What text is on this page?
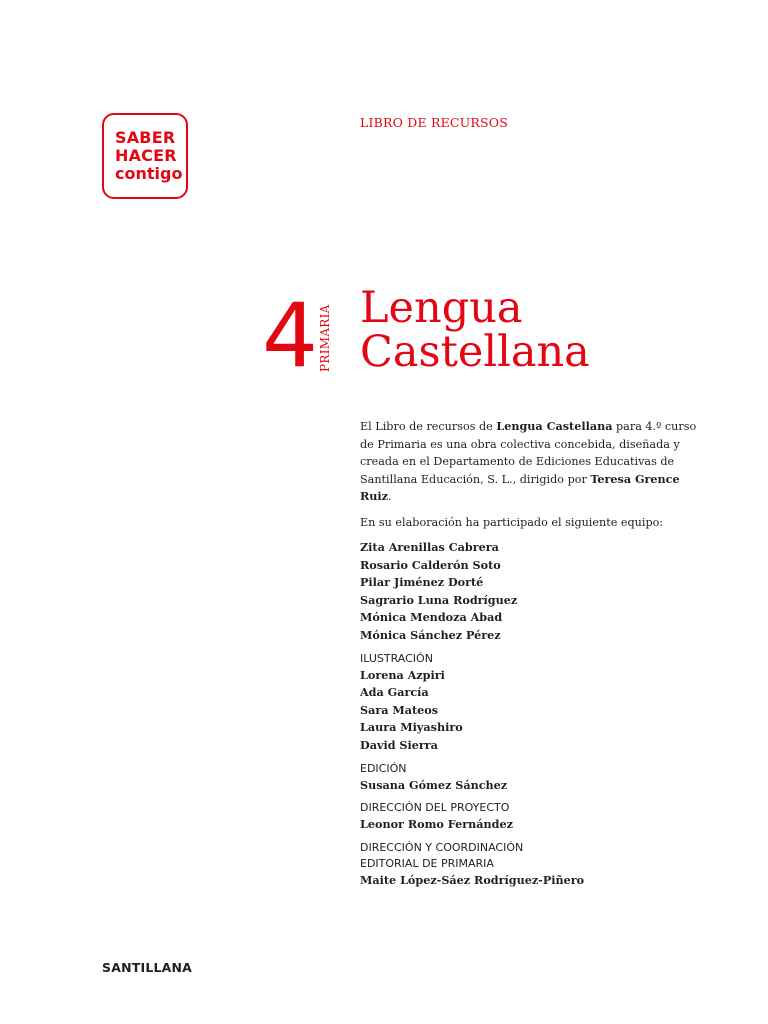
SABER
HACER
contigo
LIBRO DE RECURSOS
4 PRIMARIA Lengua
Castellana

El Libro de recursos de Lengua Castellana para 4.º curso de Primaria es una obra colectiva concebida, diseñada y creada en el Departamento de Ediciones Educativas de Santillana Educación, S. L., dirigido por Teresa Grence Ruiz.

En su elaboración ha participado el siguiente equipo:

Zita Arenillas Cabrera
Rosario Calderón Soto
Pilar Jiménez Dorté
Sagrario Luna Rodríguez
Mónica Mendoza Abad
Mónica Sánchez Pérez
ILUSTRACIÓN
Lorena Azpiri
Ada García
Sara Mateos
Laura Miyashiro
David Sierra
EDICIÓN
Susana Gómez Sánchez
DIRECCIÓN DEL PROYECTO
Leonor Romo Fernández
DIRECCIÓN Y COORDINACIÓN
EDITORIAL DE PRIMARIA
Maite López-Sáez Rodríguez-Piñero
SANTILLANA
